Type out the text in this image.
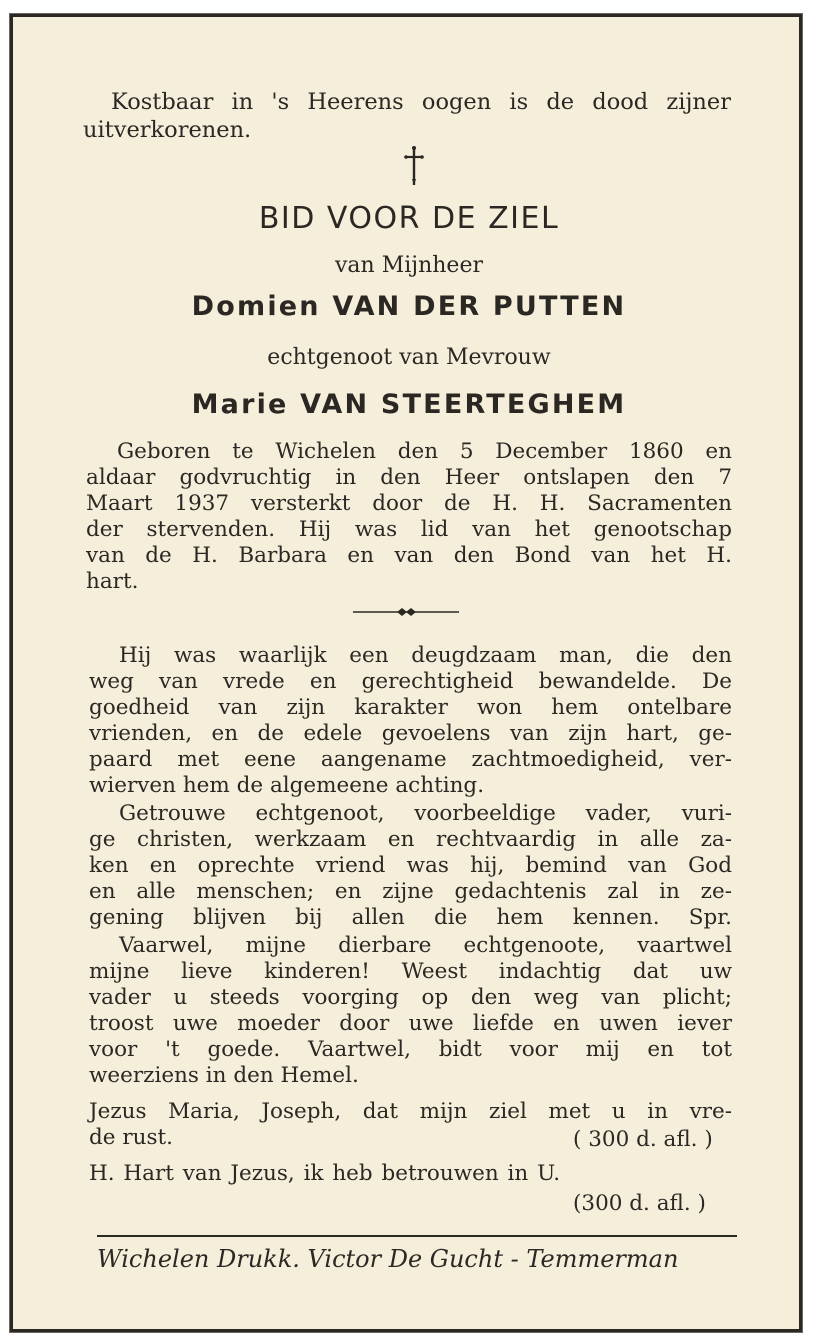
Kostbaar in 's Heerens oogen is de dood zijner
uitverkorenen.
BID VOOR DE ZIEL
van Mijnheer
Domien VAN DER PUTTEN
echtgenoot van Mevrouw
Marie VAN STEERTEGHEM
Geboren te Wichelen den 5 December 1860 en
aldaar godvruchtig in den Heer ontslapen den 7
Maart 1937 versterkt door de H. H. Sacramenten
der stervenden. Hij was lid van het genootschap
van de H. Barbara en van den Bond van het H.
hart.
Hij was waarlijk een deugdzaam man, die den
weg van vrede en gerechtigheid bewandelde. De
goedheid van zijn karakter won hem ontelbare
vrienden, en de edele gevoelens van zijn hart, ge-
paard met eene aangename zachtmoedigheid, ver-
wierven hem de algemeene achting.
Getrouwe echtgenoot, voorbeeldige vader, vuri-
ge christen, werkzaam en rechtvaardig in alle za-
ken en oprechte vriend was hij, bemind van God
en alle menschen; en zijne gedachtenis zal in ze-
gening blijven bij allen die hem kennen. Spr.
Vaarwel, mijne dierbare echtgenoote, vaartwel
mijne lieve kinderen! Weest indachtig dat uw
vader u steeds voorging op den weg van plicht;
troost uwe moeder door uwe liefde en uwen iever
voor 't goede. Vaartwel, bidt voor mij en tot
weerziens in den Hemel.
Jezus Maria, Joseph, dat mijn ziel met u in vre-
de rust.	( 300 d. afl. )
H. Hart van Jezus, ik heb betrouwen in U.
(300 d. afl. )
Wichelen Drukk. Victor De Gucht - Temmerman
